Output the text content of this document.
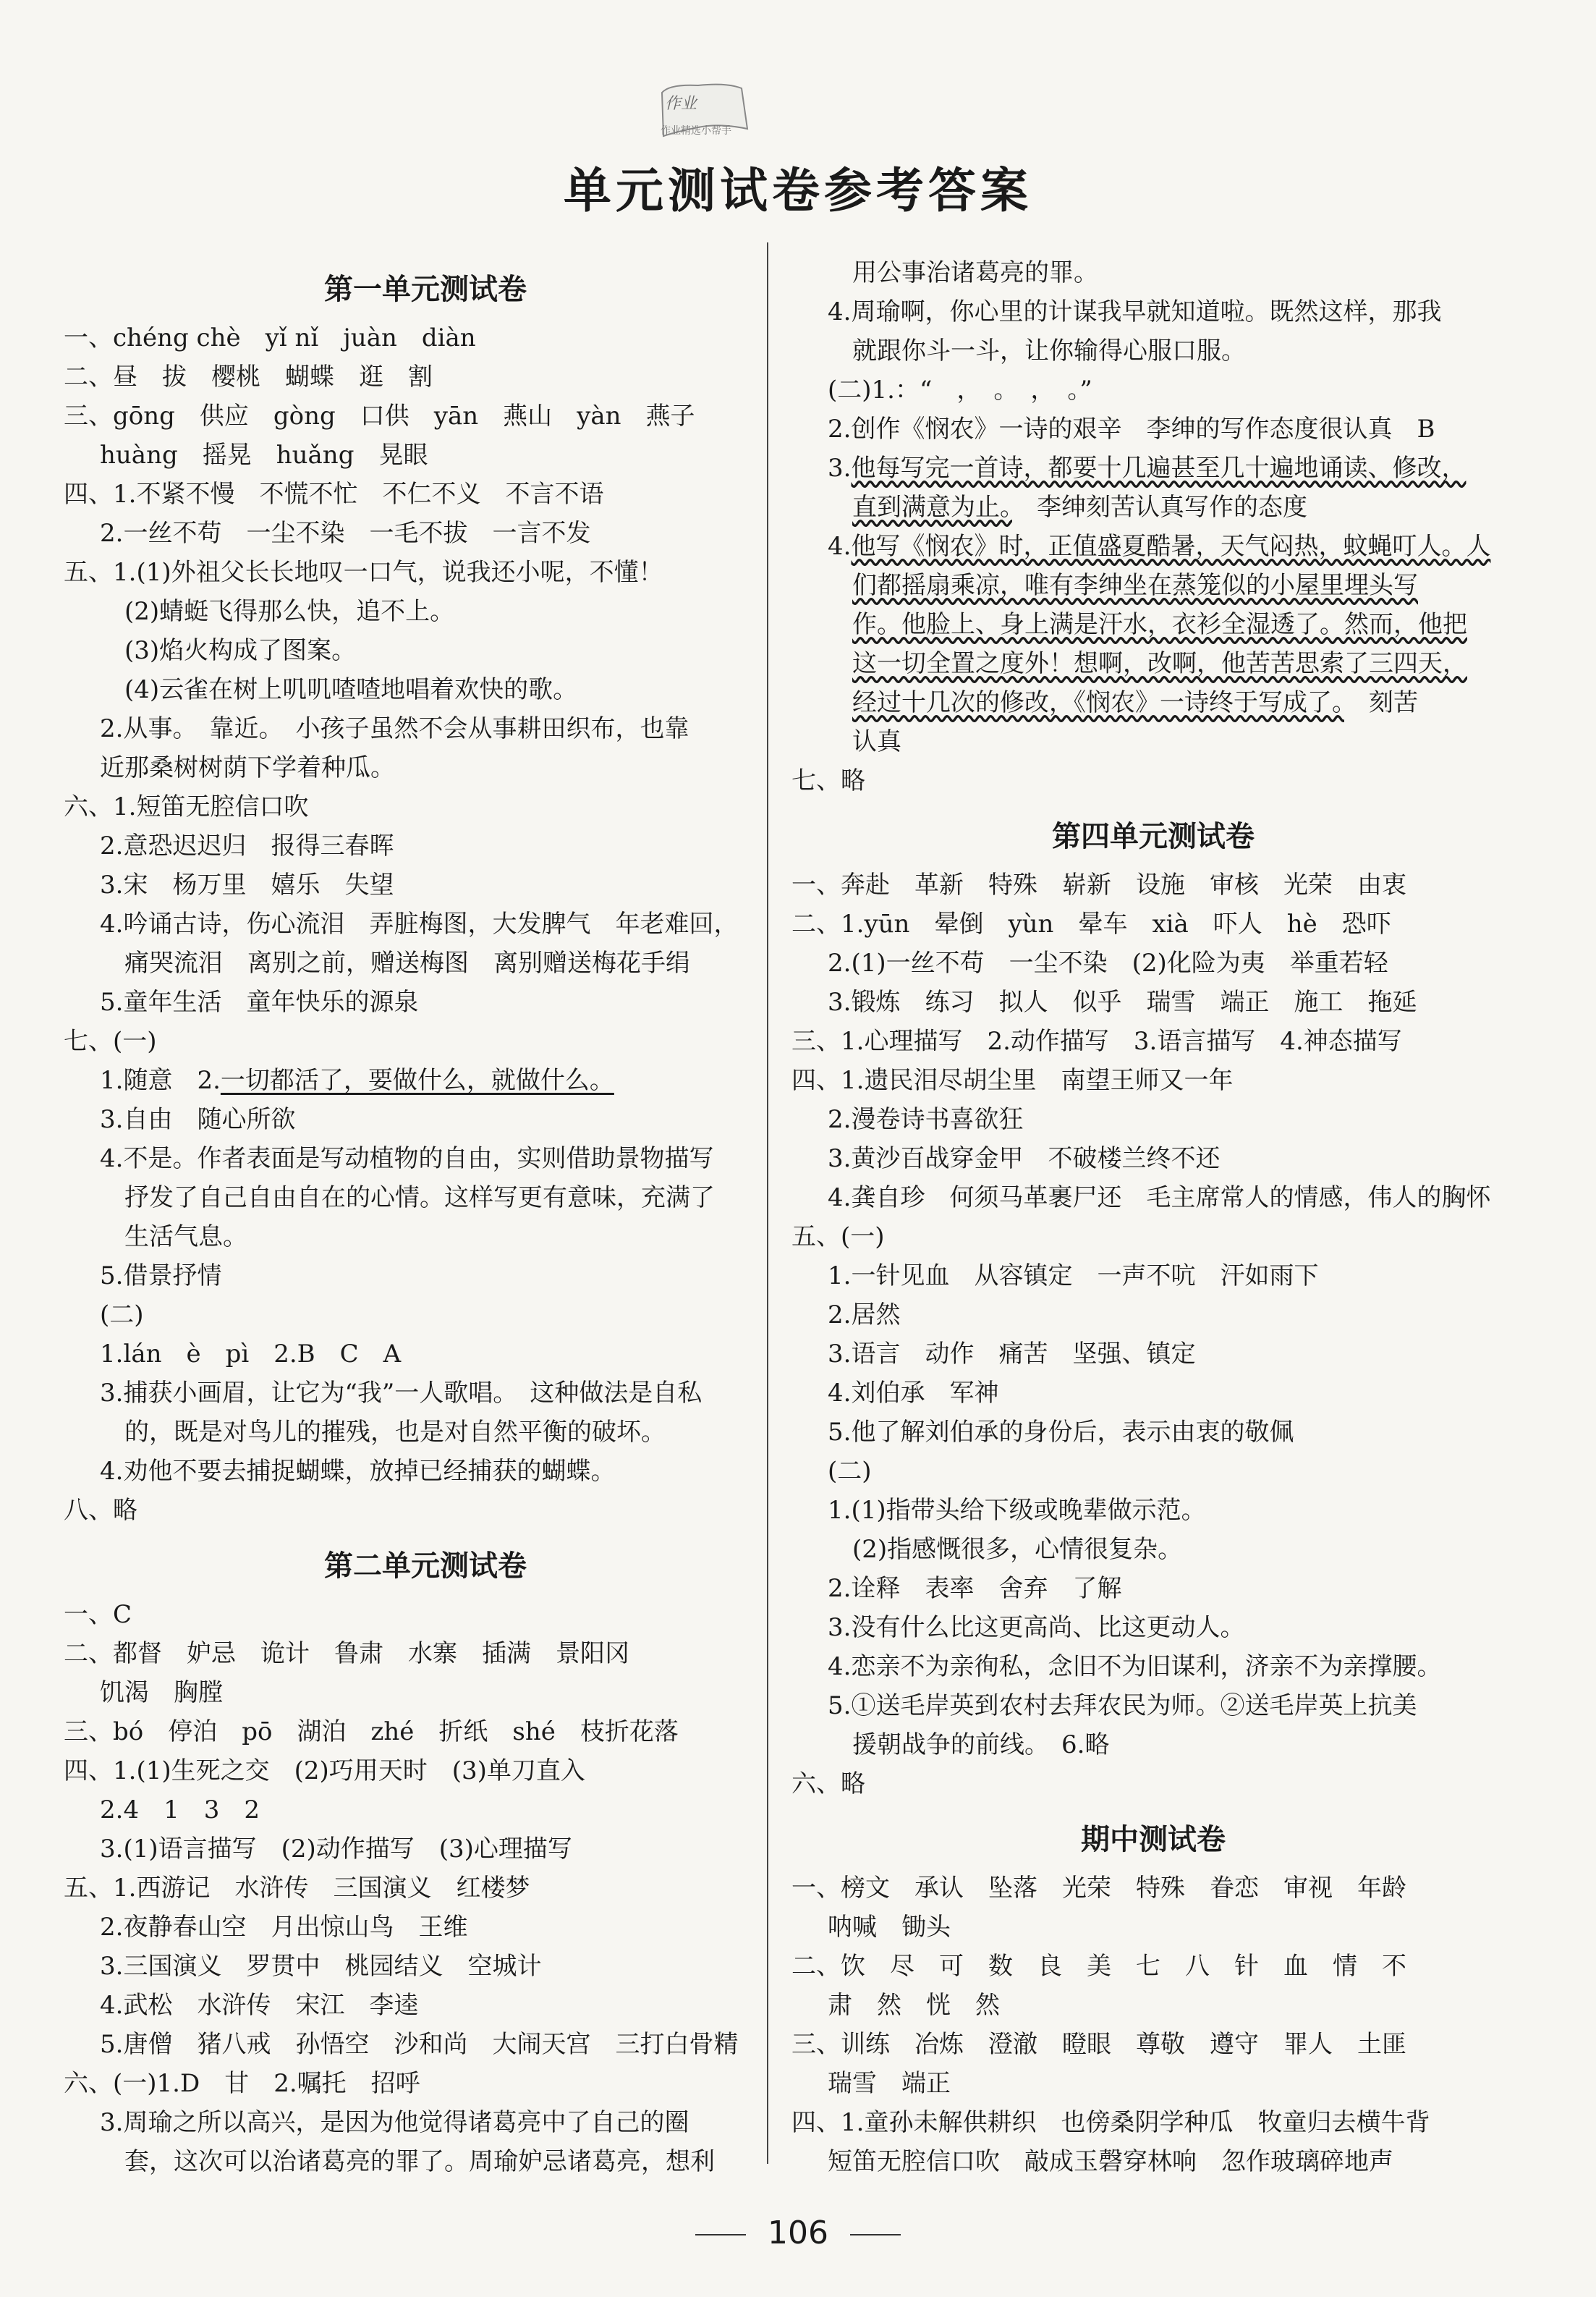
作业
作业精选小帮手
单元测试卷参考答案
第一单元测试卷

一、chéng chè　yǐ nǐ　juàn　diàn

二、昼　拔　樱桃　蝴蝶　逛　割

三、gōng　供应　gòng　口供　yān　燕山　yàn　燕子

huàng　摇晃　huǎng　晃眼

四、1.不紧不慢　不慌不忙　不仁不义　不言不语

2.一丝不苟　一尘不染　一毛不拔　一言不发

五、1.(1)外祖父长长地叹一口气，说我还小呢，不懂！

(2)蜻蜓飞得那么快，追不上。

(3)焰火构成了图案。

(4)云雀在树上叽叽喳喳地唱着欢快的歌。

2.从事。　靠近。　小孩子虽然不会从事耕田织布，也靠

近那桑树树荫下学着种瓜。

六、1.短笛无腔信口吹

2.意恐迟迟归　报得三春晖

3.宋　杨万里　嬉乐　失望

4.吟诵古诗，伤心流泪　弄脏梅图，大发脾气　年老难回，

痛哭流泪　离别之前，赠送梅图　离别赠送梅花手绢

5.童年生活　童年快乐的源泉

七、(一)

1.随意　2.一切都活了，要做什么，就做什么。

3.自由　随心所欲

4.不是。作者表面是写动植物的自由，实则借助景物描写

抒发了自己自由自在的心情。这样写更有意味，充满了

生活气息。

5.借景抒情

(二)

1.lán　è　pì　2.B　C　A

3.捕获小画眉，让它为“我”一人歌唱。　这种做法是自私

的，既是对鸟儿的摧残，也是对自然平衡的破坏。

4.劝他不要去捕捉蝴蝶，放掉已经捕获的蝴蝶。

八、略

第二单元测试卷

一、C

二、都督　妒忌　诡计　鲁肃　水寨　插满　景阳冈

饥渴　胸膛

三、bó　停泊　pō　湖泊　zhé　折纸　shé　枝折花落

四、1.(1)生死之交　(2)巧用天时　(3)单刀直入

2.4　1　3　2

3.(1)语言描写　(2)动作描写　(3)心理描写

五、1.西游记　水浒传　三国演义　红楼梦

2.夜静春山空　月出惊山鸟　王维

3.三国演义　罗贯中　桃园结义　空城计

4.武松　水浒传　宋江　李逵

5.唐僧　猪八戒　孙悟空　沙和尚　大闹天宫　三打白骨精

六、(一)1.D　甘　2.嘱托　招呼

3.周瑜之所以高兴，是因为他觉得诸葛亮中了自己的圈

套，这次可以治诸葛亮的罪了。周瑜妒忌诸葛亮，想利

用公事治诸葛亮的罪。

4.周瑜啊，你心里的计谋我早就知道啦。既然这样，那我

就跟你斗一斗，让你输得心服口服。

(二)1.：“　，　。　，　。”

2.创作《悯农》一诗的艰辛　李绅的写作态度很认真　B

3.他每写完一首诗，都要十几遍甚至几十遍地诵读、修改，

直到满意为止。　李绅刻苦认真写作的态度

4.他写《悯农》时，正值盛夏酷暑，天气闷热，蚊蝇叮人。人

们都摇扇乘凉，唯有李绅坐在蒸笼似的小屋里埋头写

作。他脸上、身上满是汗水，衣衫全湿透了。然而，他把

这一切全置之度外！想啊，改啊，他苦苦思索了三四天，

经过十几次的修改，《悯农》一诗终于写成了。　刻苦

认真

七、略

第四单元测试卷

一、奔赴　革新　特殊　崭新　设施　审核　光荣　由衷

二、1.yūn　晕倒　yùn　晕车　xià　吓人　hè　恐吓

2.(1)一丝不苟　一尘不染　(2)化险为夷　举重若轻

3.锻炼　练习　拟人　似乎　瑞雪　端正　施工　拖延

三、1.心理描写　2.动作描写　3.语言描写　4.神态描写

四、1.遗民泪尽胡尘里　南望王师又一年

2.漫卷诗书喜欲狂

3.黄沙百战穿金甲　不破楼兰终不还

4.龚自珍　何须马革裹尸还　毛主席常人的情感，伟人的胸怀

五、(一)

1.一针见血　从容镇定　一声不吭　汗如雨下

2.居然

3.语言　动作　痛苦　坚强、镇定

4.刘伯承　军神

5.他了解刘伯承的身份后，表示由衷的敬佩

(二)

1.(1)指带头给下级或晚辈做示范。

(2)指感慨很多，心情很复杂。

2.诠释　表率　舍弃　了解

3.没有什么比这更高尚、比这更动人。

4.恋亲不为亲徇私，念旧不为旧谋利，济亲不为亲撑腰。

5.①送毛岸英到农村去拜农民为师。②送毛岸英上抗美

援朝战争的前线。　6.略

六、略

期中测试卷

一、榜文　承认　坠落　光荣　特殊　眷恋　审视　年龄

呐喊　锄头

二、饮　尽　可　数　良　美　七　八　针　血　情　不

肃　然　恍　然

三、训练　冶炼　澄澈　瞪眼　尊敬　遵守　罪人　土匪

瑞雪　端正

四、1.童孙未解供耕织　也傍桑阴学种瓜　牧童归去横牛背

短笛无腔信口吹　敲成玉磬穿林响　忽作玻璃碎地声

106
